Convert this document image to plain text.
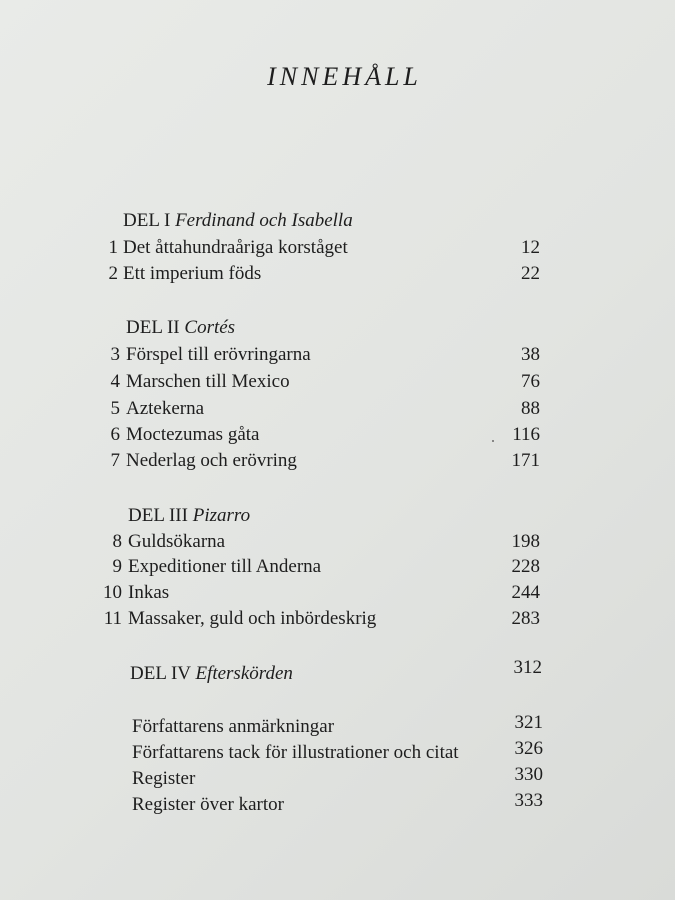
INNEHÅLL
DEL I Ferdinand och Isabella
1 Det åttahundraåriga korståget	12
2 Ett imperium föds	22
DEL II Cortés
3 Förspel till erövringarna	38
4 Marschen till Mexico	76
5 Aztekerna	88
6 Moctezumas gåta	116
7 Nederlag och erövring	171
DEL III Pizarro
8 Guldsökarna	198
9 Expeditioner till Anderna	228
10 Inkas	244
11 Massaker, guld och inbördeskrig	283
DEL IV Efterskörden	312
Författarens anmärkningar	321
Författarens tack för illustrationer och citat	326
Register	330
Register över kartor	333
